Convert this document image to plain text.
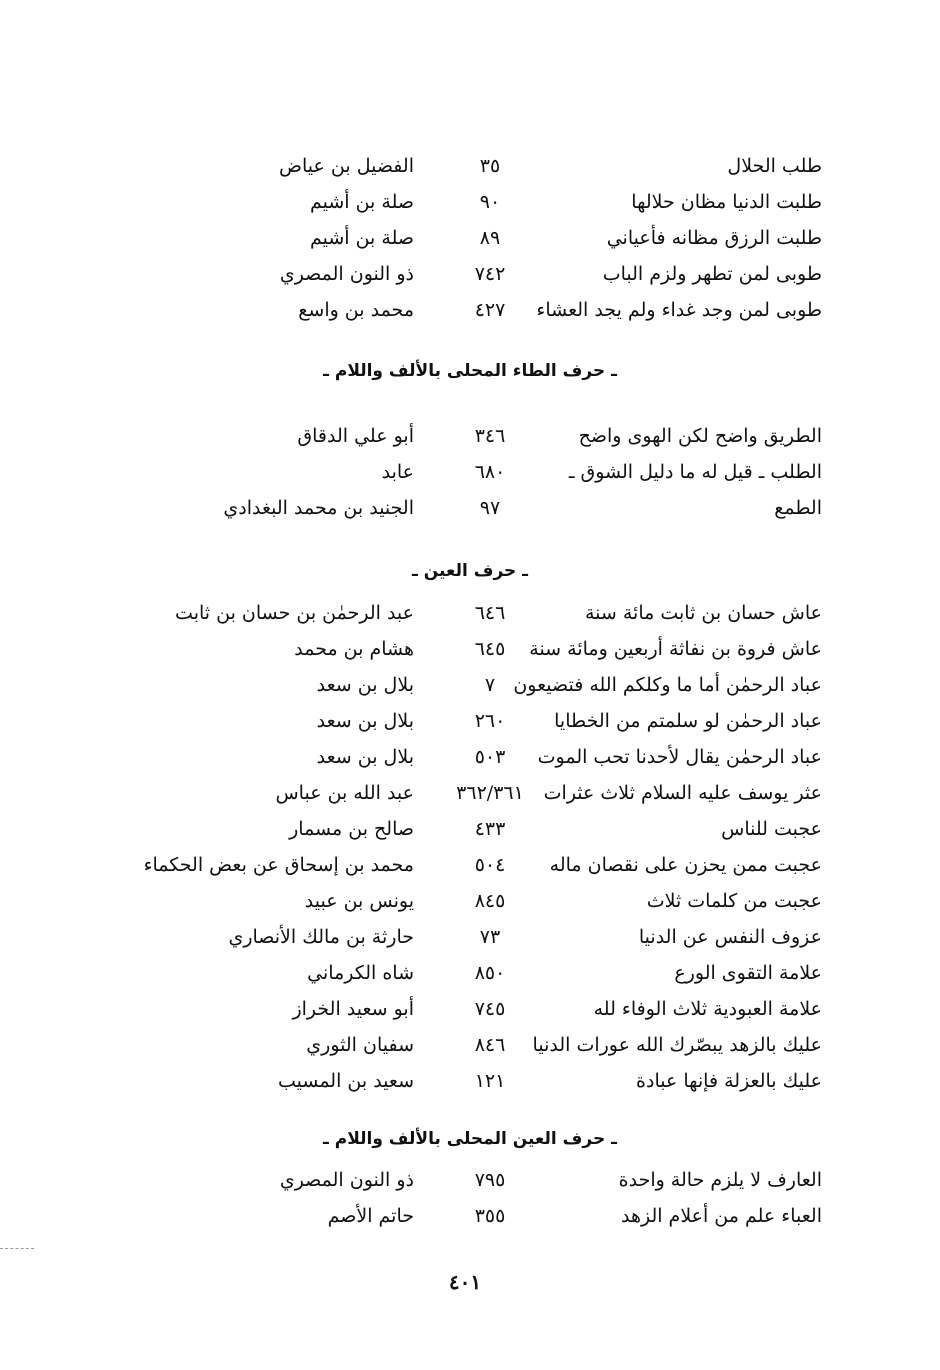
طلب الحلال
٣٥
الفضيل بن عياض
طلبت الدنيا مظان حلالها
٩٠
صلة بن أشيم
طلبت الرزق مظانه فأعياني
٨٩
صلة بن أشيم
طوبى لمن تطهر ولزم الباب
٧٤٢
ذو النون المصري
طوبى لمن وجد غداء ولم يجد العشاء
٤٢٧
محمد بن واسع
ـ حرف الطاء المحلى بالألف واللام ـ
الطريق واضح لكن الهوى واضح
٣٤٦
أبو علي الدقاق
الطلب ـ قيل له ما دليل الشوق ـ
٦٨٠
عابد
الطمع
٩٧
الجنيد بن محمد البغدادي
ـ حرف العين ـ
عاش حسان بن ثابت مائة سنة
٦٤٦
عبد الرحمٰن بن حسان بن ثابت
عاش فروة بن نفاثة أربعين ومائة سنة
٦٤٥
هشام بن محمد
عباد الرحمٰن أما ما وكلكم الله فتضيعون
٧
بلال بن سعد
عباد الرحمٰن لو سلمتم من الخطايا
٢٦٠
بلال بن سعد
عباد الرحمٰن يقال لأحدنا تحب الموت
٥٠٣
بلال بن سعد
عثر يوسف عليه السلام ثلاث عثرات
٣٦٢/٣٦١
عبد الله بن عباس
عجبت للناس
٤٣٣
صالح بن مسمار
عجبت ممن يحزن على نقصان ماله
٥٠٤
محمد بن إسحاق عن بعض الحكماء
عجبت من كلمات ثلاث
٨٤٥
يونس بن عبيد
عزوف النفس عن الدنيا
٧٣
حارثة بن مالك الأنصاري
علامة التقوى الورع
٨٥٠
شاه الكرماني
علامة العبودية ثلاث الوفاء لله
٧٤٥
أبو سعيد الخراز
عليك بالزهد يبصّرك الله عورات الدنيا
٨٤٦
سفيان الثوري
عليك بالعزلة فإنها عبادة
١٢١
سعيد بن المسيب
ـ حرف العين المحلى بالألف واللام ـ
العارف لا يلزم حالة واحدة
٧٩٥
ذو النون المصري
العباء علم من أعلام الزهد
٣٥٥
حاتم الأصم
٤٠١
